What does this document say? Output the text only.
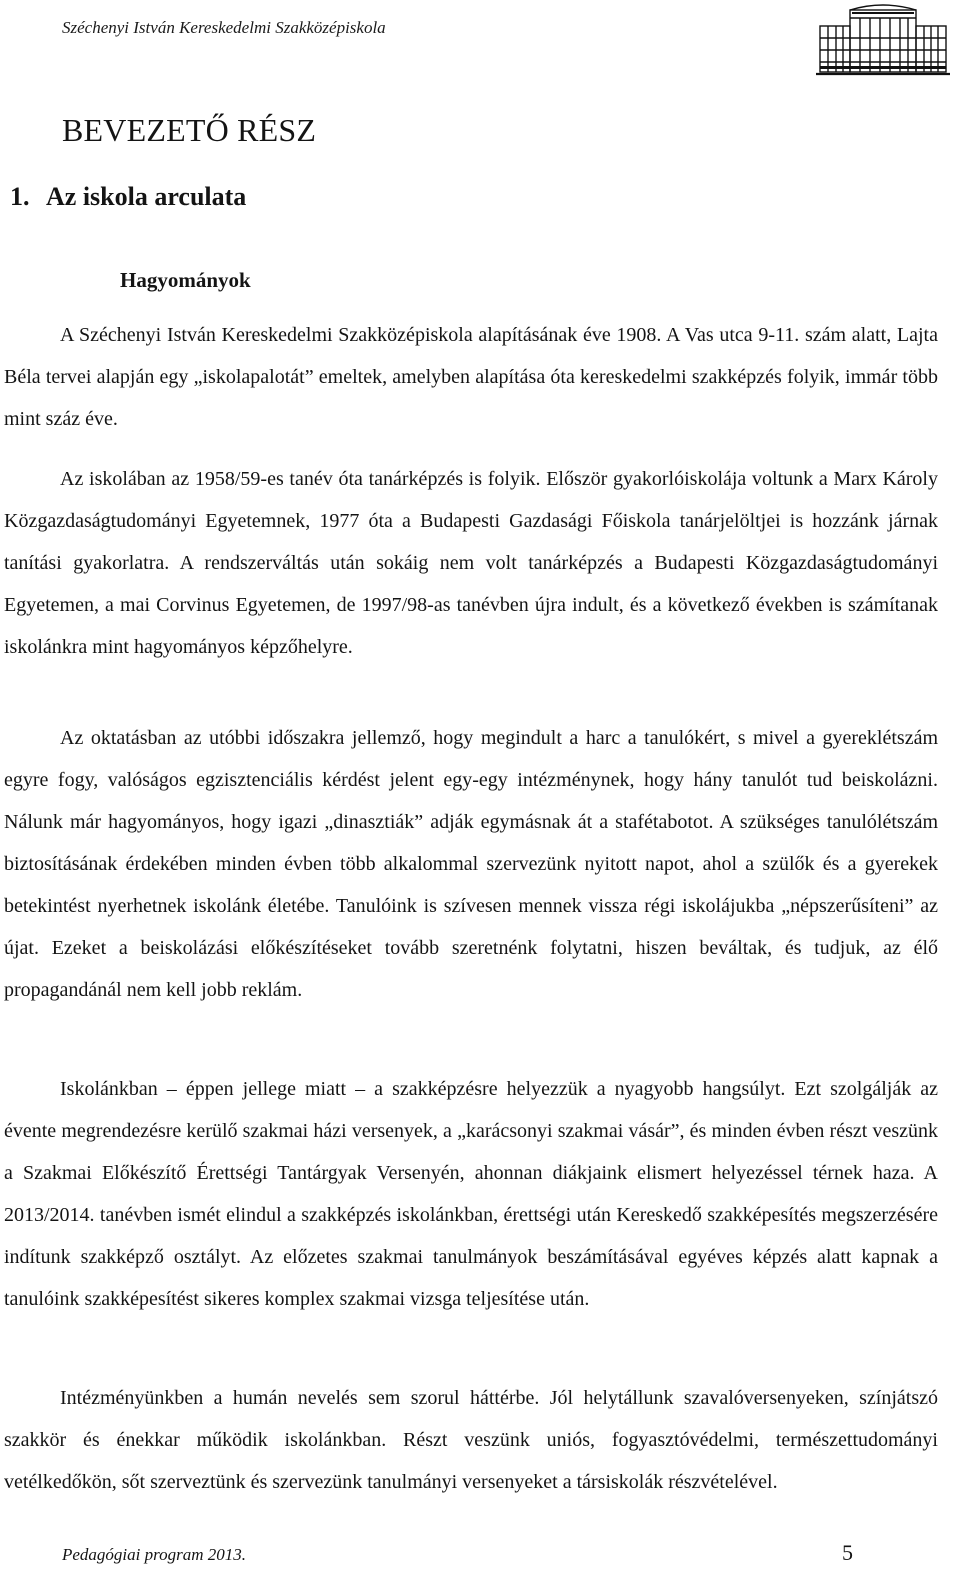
Széchenyi István Kereskedelmi Szakközépiskola
BEVEZETŐ RÉSZ
1. Az iskola arculata
Hagyományok

A Széchenyi István Kereskedelmi Szakközépiskola alapításának éve 1908. A Vas utca 9-11. szám alatt, Lajta Béla tervei alapján egy „iskolapalotát” emeltek, amelyben alapítása óta kereskedelmi szakképzés folyik, immár több mint száz éve.

Az iskolában az 1958/59-es tanév óta tanárképzés is folyik. Először gyakorlóiskolája voltunk a Marx Károly Közgazdaságtudományi Egyetemnek, 1977 óta a Budapesti Gazdasági Főiskola tanárjelöltjei is hozzánk járnak tanítási gyakorlatra. A rendszerváltás után sokáig nem volt tanárképzés a Budapesti Közgazdaságtudományi Egyetemen, a mai Corvinus Egyetemen, de 1997/98-as tanévben újra indult, és a következő években is számítanak iskolánkra mint hagyományos képzőhelyre.

Az oktatásban az utóbbi időszakra jellemző, hogy megindult a harc a tanulókért, s mivel a gyereklétszám egyre fogy, valóságos egzisztenciális kérdést jelent egy-egy intézménynek, hogy hány tanulót tud beiskolázni. Nálunk már hagyományos, hogy igazi „dinasztiák” adják egymásnak át a stafétabotot. A szükséges tanulólétszám biztosításának érdekében minden évben több alkalommal szervezünk nyitott napot, ahol a szülők és a gyerekek betekintést nyerhetnek iskolánk életébe. Tanulóink is szívesen mennek vissza régi iskolájukba „népszerűsíteni” az újat. Ezeket a beiskolázási előkészítéseket tovább szeretnénk folytatni, hiszen beváltak, és tudjuk, az élő propagandánál nem kell jobb reklám.

Iskolánkban – éppen jellege miatt – a szakképzésre helyezzük a nyagyobb hangsúlyt. Ezt szolgálják az évente megrendezésre kerülő szakmai házi versenyek, a „karácsonyi szakmai vásár”, és minden évben részt veszünk a Szakmai Előkészítő Érettségi Tantárgyak Versenyén, ahonnan diákjaink elismert helyezéssel térnek haza. A 2013/2014. tanévben ismét elindul a szakképzés iskolánkban, érettségi után Kereskedő szakképesítés megszerzésére indítunk szakképző osztályt. Az előzetes szakmai tanulmányok beszámításával egyéves képzés alatt kapnak a tanulóink szakképesítést sikeres komplex szakmai vizsga teljesítése után.

Intézményünkben a humán nevelés sem szorul háttérbe. Jól helytállunk szavalóversenyeken, színjátszó szakkör és énekkar működik iskolánkban. Részt veszünk uniós, fogyasztóvédelmi, természettudományi vetélkedőkön, sőt szerveztünk és szervezünk tanulmányi versenyeket a társiskolák részvételével.

Pedagógiai program 2013.	5
